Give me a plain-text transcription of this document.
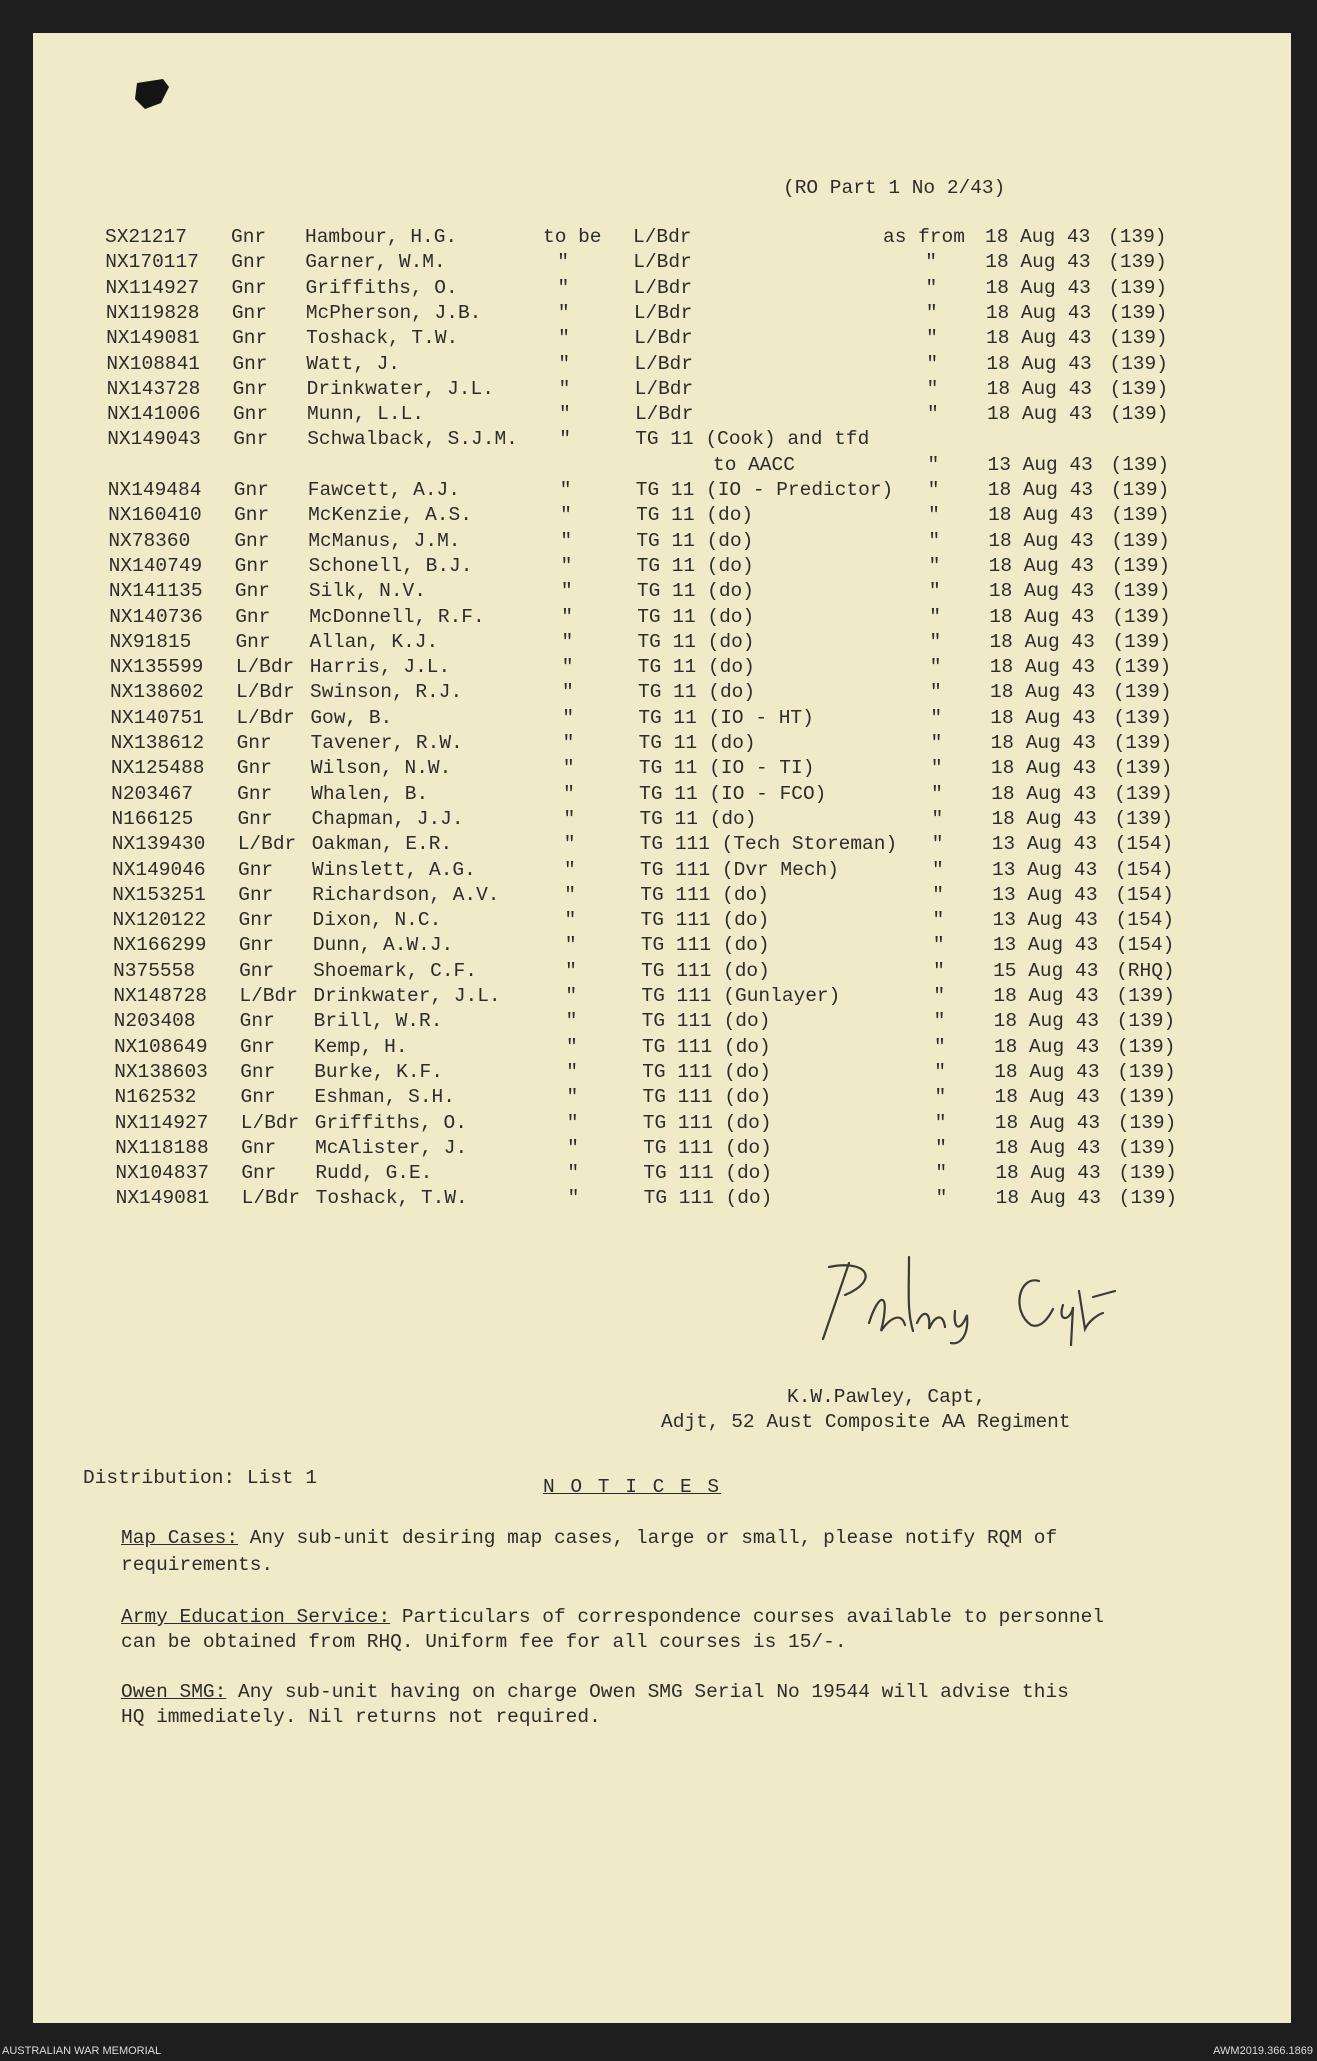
(RO Part 1 No 2/43)
SX21217 Gnr Hambour, H.G.	to be L/Bdr	as from 18 Aug 43 (139)
NX170117 Gnr Garner, W.M.	"	L/Bdr	" 18 Aug 43 (139)
NX114927 Gnr Griffiths, O.	"	L/Bdr	" 18 Aug 43 (139)
NX119828 Gnr McPherson, J.B.	"	L/Bdr	" 18 Aug 43 (139)
NX149081 Gnr Toshack, T.W.	"	L/Bdr	" 18 Aug 43 (139)
NX108841 Gnr Watt, J.	"	L/Bdr	" 18 Aug 43 (139)
NX143728 Gnr Drinkwater, J.L.	"	L/Bdr	" 18 Aug 43 (139)
NX141006 Gnr Munn, L.L.	"	L/Bdr	" 18 Aug 43 (139)
NX149043 Gnr Schwalback, S.J.M. "	TG 11 (Cook) and tfd
to AACC	" 13 Aug 43 (139)
NX149484 Gnr Fawcett, A.J.	"	TG 11 (IO - Predictor) " 18 Aug 43 (139)
NX160410 Gnr McKenzie, A.S.	"	TG 11 (do)	" 18 Aug 43 (139)
NX78360 Gnr McManus, J.M.	"	TG 11 (do)	" 18 Aug 43 (139)
NX140749 Gnr Schonell, B.J.	"	TG 11 (do)	" 18 Aug 43 (139)
NX141135 Gnr Silk, N.V.	"	TG 11 (do)	" 18 Aug 43 (139)
NX140736 Gnr McDonnell, R.F.	"	TG 11 (do)	" 18 Aug 43 (139)
NX91815 Gnr Allan, K.J.	"	TG 11 (do)	" 18 Aug 43 (139)
NX135599 L/Bdr Harris, J.L.	"	TG 11 (do)	" 18 Aug 43 (139)
NX138602 L/Bdr Swinson, R.J.	"	TG 11 (do)	" 18 Aug 43 (139)
NX140751 L/Bdr Gow, B.	"	TG 11 (IO - HT)	" 18 Aug 43 (139)
NX138612 Gnr Tavener, R.W.	"	TG 11 (do)	" 18 Aug 43 (139)
NX125488 Gnr Wilson, N.W.	"	TG 11 (IO - TI)	" 18 Aug 43 (139)
N203467 Gnr Whalen, B.	"	TG 11 (IO - FCO)	" 18 Aug 43 (139)
N166125 Gnr Chapman, J.J.	"	TG 11 (do)	" 18 Aug 43 (139)
NX139430 L/Bdr Oakman, E.R.	"	TG 111 (Tech Storeman) " 13 Aug 43 (154)
NX149046 Gnr Winslett, A.G.	"	TG 111 (Dvr Mech)	" 13 Aug 43 (154)
NX153251 Gnr Richardson, A.V.	"	TG 111 (do)	" 13 Aug 43 (154)
NX120122 Gnr Dixon, N.C.	"	TG 111 (do)	" 13 Aug 43 (154)
NX166299 Gnr Dunn, A.W.J.	"	TG 111 (do)	" 13 Aug 43 (154)
N375558 Gnr Shoemark, C.F.	"	TG 111 (do)	" 15 Aug 43 (RHQ)
NX148728 L/Bdr Drinkwater, J.L.	"	TG 111 (Gunlayer)	" 18 Aug 43 (139)
N203408 Gnr Brill, W.R.	"	TG 111 (do)	" 18 Aug 43 (139)
NX108649 Gnr Kemp, H.	"	TG 111 (do)	" 18 Aug 43 (139)
NX138603 Gnr Burke, K.F.	"	TG 111 (do)	" 18 Aug 43 (139)
N162532 Gnr Eshman, S.H.	"	TG 111 (do)	" 18 Aug 43 (139)
NX114927 L/Bdr Griffiths, O.	"	TG 111 (do)	" 18 Aug 43 (139)
NX118188 Gnr McAlister, J.	"	TG 111 (do)	" 18 Aug 43 (139)
NX104837 Gnr Rudd, G.E.	"	TG 111 (do)	" 18 Aug 43 (139)
NX149081 L/Bdr Toshack, T.W.	"	TG 111 (do)	" 18 Aug 43 (139)
K.W.Pawley, Capt,
Adjt, 52 Aust Composite AA Regiment
Distribution: List 1	N O T I C E S
Map Cases: Any sub-unit desiring map cases, large or small, please notify RQM of
requirements.
Army Education Service: Particulars of correspondence courses available to personnel
can be obtained from RHQ. Uniform fee for all courses is 15/-.
Owen SMG: Any sub-unit having on charge Owen SMG Serial No 19544 will advise this
HQ immediately. Nil returns not required.
AUSTRALIAN WAR MEMORIAL	AWM2019.366.1869
